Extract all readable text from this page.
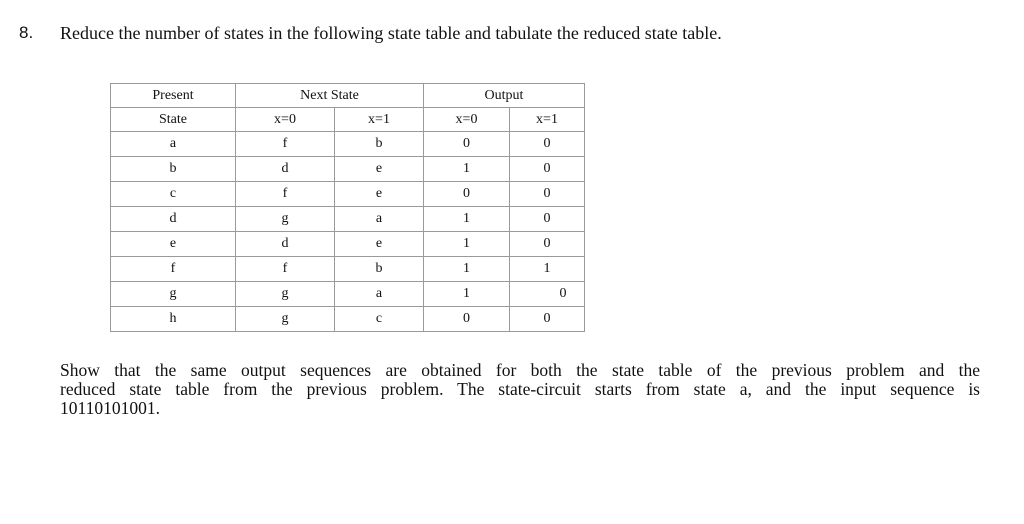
8. Reduce the number of states in the following state table and tabulate the reduced state table.
Present	Next State		Output	
State	x=0	x=1	x=0	x=1
a	f	b	0	0
b	d	e	1	0
c	f	e	0	0
d	g	a	1	0
e	d	e	1	0
f	f	b	1	1
g	g	a	1	0
h	g	c	0	0
Show that the same output sequences are obtained for both the state table of the previous problem and the
reduced state table from the previous problem. The state-circuit starts from state a, and the input sequence is
10110101001.
